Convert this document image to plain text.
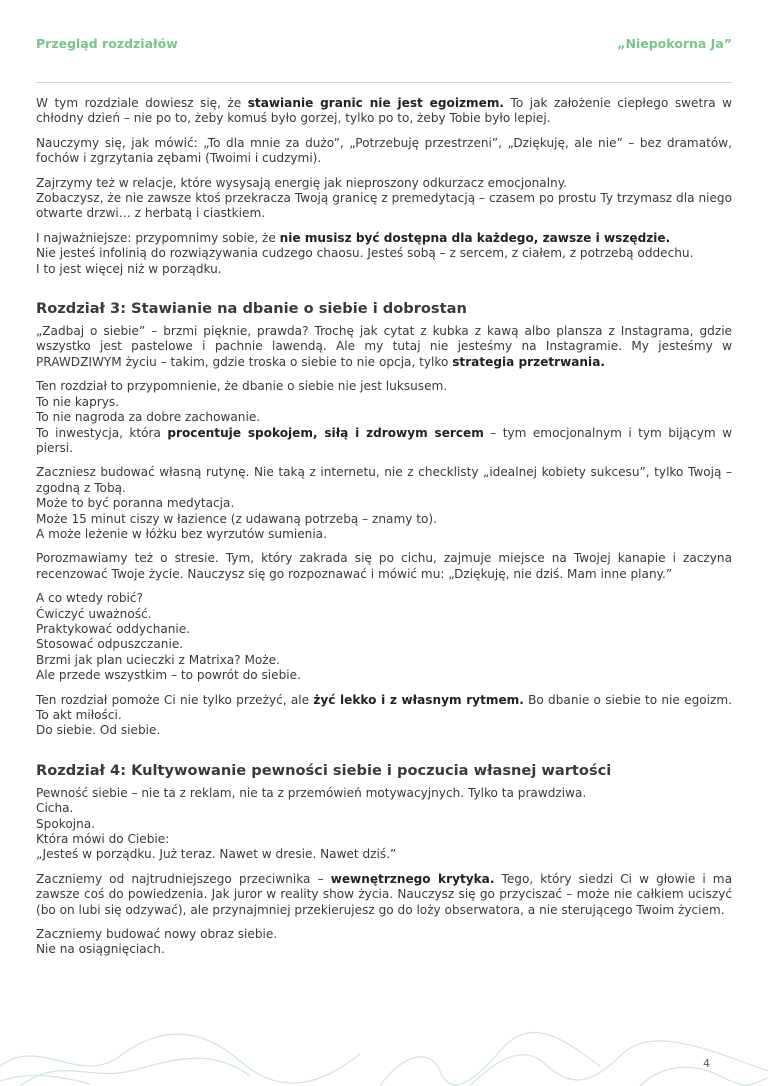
Przegląd rozdziałów	„Niepokorna Ja”

W tym rozdziale dowiesz się, że stawianie granic nie jest egoizmem. To jak założenie ciepłego swetra w chłodny dzień – nie po to, żeby komuś było gorzej, tylko po to, żeby Tobie było lepiej.

Nauczymy się, jak mówić: „To dla mnie za dużo”, „Potrzebuję przestrzeni”, „Dziękuję, ale nie” – bez dramatów, fochów i zgrzytania zębami (Twoimi i cudzymi).

Zajrzymy też w relacje, które wysysają energię jak nieproszony odkurzacz emocjonalny.
Zobaczysz, że nie zawsze ktoś przekracza Twoją granicę z premedytacją – czasem po prostu Ty trzymasz dla niego otwarte drzwi… z herbatą i ciastkiem.

I najważniejsze: przypomnimy sobie, że nie musisz być dostępna dla każdego, zawsze i wszędzie.
Nie jesteś infolinią do rozwiązywania cudzego chaosu. Jesteś sobą – z sercem, z ciałem, z potrzebą oddechu.
I to jest więcej niż w porządku.

Rozdział 3: Stawianie na dbanie o siebie i dobrostan

„Zadbaj o siebie” – brzmi pięknie, prawda? Trochę jak cytat z kubka z kawą albo plansza z Instagrama, gdzie wszystko jest pastelowe i pachnie lawendą. Ale my tutaj nie jesteśmy na Instagramie. My jesteśmy w PRAWDZIWYM życiu – takim, gdzie troska o siebie to nie opcja, tylko strategia przetrwania.

Ten rozdział to przypomnienie, że dbanie o siebie nie jest luksusem.
To nie kaprys.
To nie nagroda za dobre zachowanie.
To inwestycja, która procentuje spokojem, siłą i zdrowym sercem – tym emocjonalnym i tym bijącym w piersi.

Zaczniesz budować własną rutynę. Nie taką z internetu, nie z checklisty „idealnej kobiety sukcesu”, tylko Twoją – zgodną z Tobą.
Może to być poranna medytacja.
Może 15 minut ciszy w łazience (z udawaną potrzebą – znamy to).
A może leżenie w łóżku bez wyrzutów sumienia.

Porozmawiamy też o stresie. Tym, który zakrada się po cichu, zajmuje miejsce na Twojej kanapie i zaczyna recenzować Twoje życie. Nauczysz się go rozpoznawać i mówić mu: „Dziękuję, nie dziś. Mam inne plany.”

A co wtedy robić?
Ćwiczyć uważność.
Praktykować oddychanie.
Stosować odpuszczanie.
Brzmi jak plan ucieczki z Matrixa? Może.
Ale przede wszystkim – to powrót do siebie.

Ten rozdział pomoże Ci nie tylko przeżyć, ale żyć lekko i z własnym rytmem. Bo dbanie o siebie to nie egoizm. To akt miłości.
Do siebie. Od siebie.

Rozdział 4: Kultywowanie pewności siebie i poczucia własnej wartości

Pewność siebie – nie ta z reklam, nie ta z przemówień motywacyjnych. Tylko ta prawdziwa.
Cicha.
Spokojna.
Która mówi do Ciebie:
„Jesteś w porządku. Już teraz. Nawet w dresie. Nawet dziś.”

Zaczniemy od najtrudniejszego przeciwnika – wewnętrznego krytyka. Tego, który siedzi Ci w głowie i ma zawsze coś do powiedzenia. Jak juror w reality show życia. Nauczysz się go przyciszać – może nie całkiem uciszyć (bo on lubi się odzywać), ale przynajmniej przekierujesz go do loży obserwatora, a nie sterującego Twoim życiem.

Zaczniemy budować nowy obraz siebie.
Nie na osiągnięciach.

4
